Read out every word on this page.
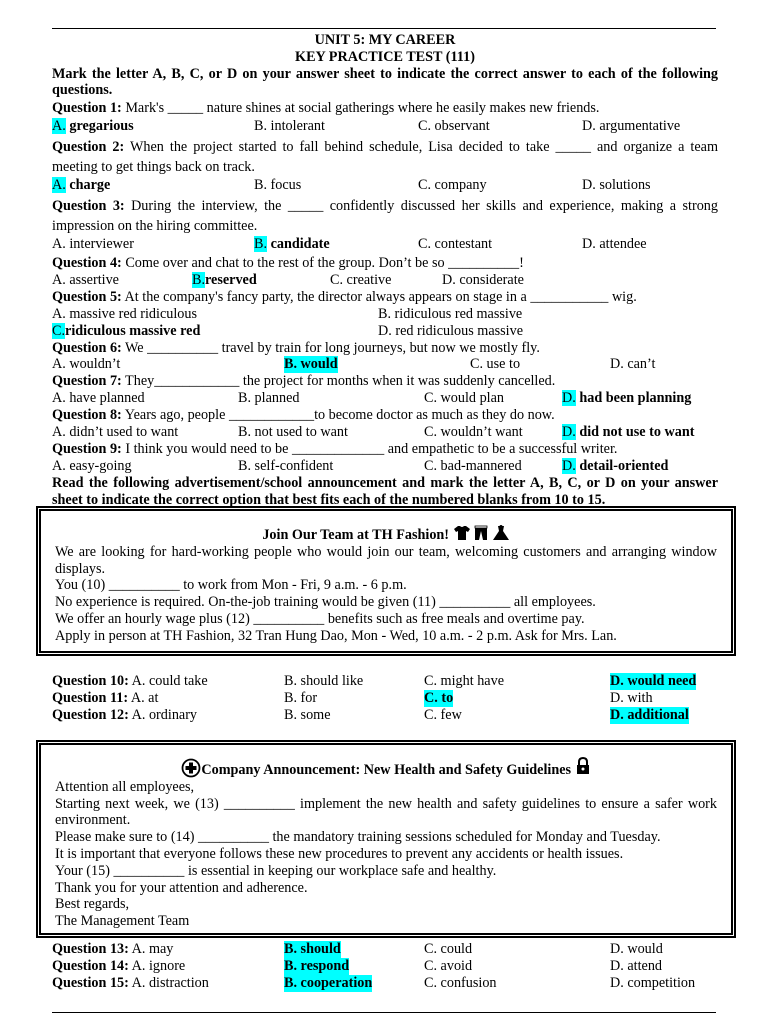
UNIT 5: MY CAREER

KEY PRACTICE TEST (111)

Mark the letter A, B, C, or D on your answer sheet to indicate the correct answer to each of the following questions.

Question 1: Mark's _____ nature shines at social gatherings where he easily makes new friends.

A. gregarious	B. intolerant	C. observant	D. argumentative

Question 2: When the project started to fall behind schedule, Lisa decided to take _____ and organize a team meeting to get things back on track.

A. charge	B. focus	C. company	D. solutions

Question 3: During the interview, the _____ confidently discussed her skills and experience, making a strong impression on the hiring committee.

A. interviewer	B. candidate	C. contestant	D. attendee

Question 4: Come over and chat to the rest of the group. Don’t be so __________!

A. assertive	B.reserved	C. creative	D. considerate

Question 5: At the company's fancy party, the director always appears on stage in a ___________ wig.

A. massive red ridiculous	B. ridiculous red massive
C.ridiculous massive red	D. red ridiculous massive

Question 6: We __________ travel by train for long journeys, but now we mostly fly.

A. wouldn’t	B. would	C. use to	D. can’t

Question 7: They____________ the project for months when it was suddenly cancelled.

A. have planned	B. planned	C. would plan	D. had been planning

Question 8: Years ago, people ____________to become doctor as much as they do now.

A. didn’t used to want	B. not used to want	C. wouldn’t want	D. did not use to want

Question 9: I think you would need to be _____________ and empathetic to be a successful writer.

A. easy-going	B. self-confident	C. bad-mannered	D. detail-oriented

Read the following advertisement/school announcement and mark the letter A, B, C, or D on your answer sheet to indicate the correct option that best fits each of the numbered blanks from 10 to 15.

Join Our Team at TH Fashion!

We are looking for hard-working people who would join our team, welcoming customers and arranging window displays.

You (10) __________ to work from Mon - Fri, 9 a.m. - 6 p.m.

No experience is required. On-the-job training would be given (11) __________ all employees.

We offer an hourly wage plus (12) __________ benefits such as free meals and overtime pay.

Apply in person at TH Fashion, 32 Tran Hung Dao, Mon - Wed, 10 a.m. - 2 p.m. Ask for Mrs. Lan.

Question 10: A. could take	B. should like	C. might have	D. would need
Question 11: A. at	B. for	C. to	D. with
Question 12: A. ordinary	B. some	C. few	D. additional
Company Announcement: New Health and Safety Guidelines

Attention all employees,

Starting next week, we (13) __________ implement the new health and safety guidelines to ensure a safer work environment.

Please make sure to (14) __________ the mandatory training sessions scheduled for Monday and Tuesday.

It is important that everyone follows these new procedures to prevent any accidents or health issues.

Your (15) __________ is essential in keeping our workplace safe and healthy.

Thank you for your attention and adherence.

Best regards,

The Management Team

Question 13: A. may	B. should	C. could	D. would
Question 14: A. ignore	B. respond	C. avoid	D. attend
Question 15: A. distraction	B. cooperation	C. confusion	D. competition
